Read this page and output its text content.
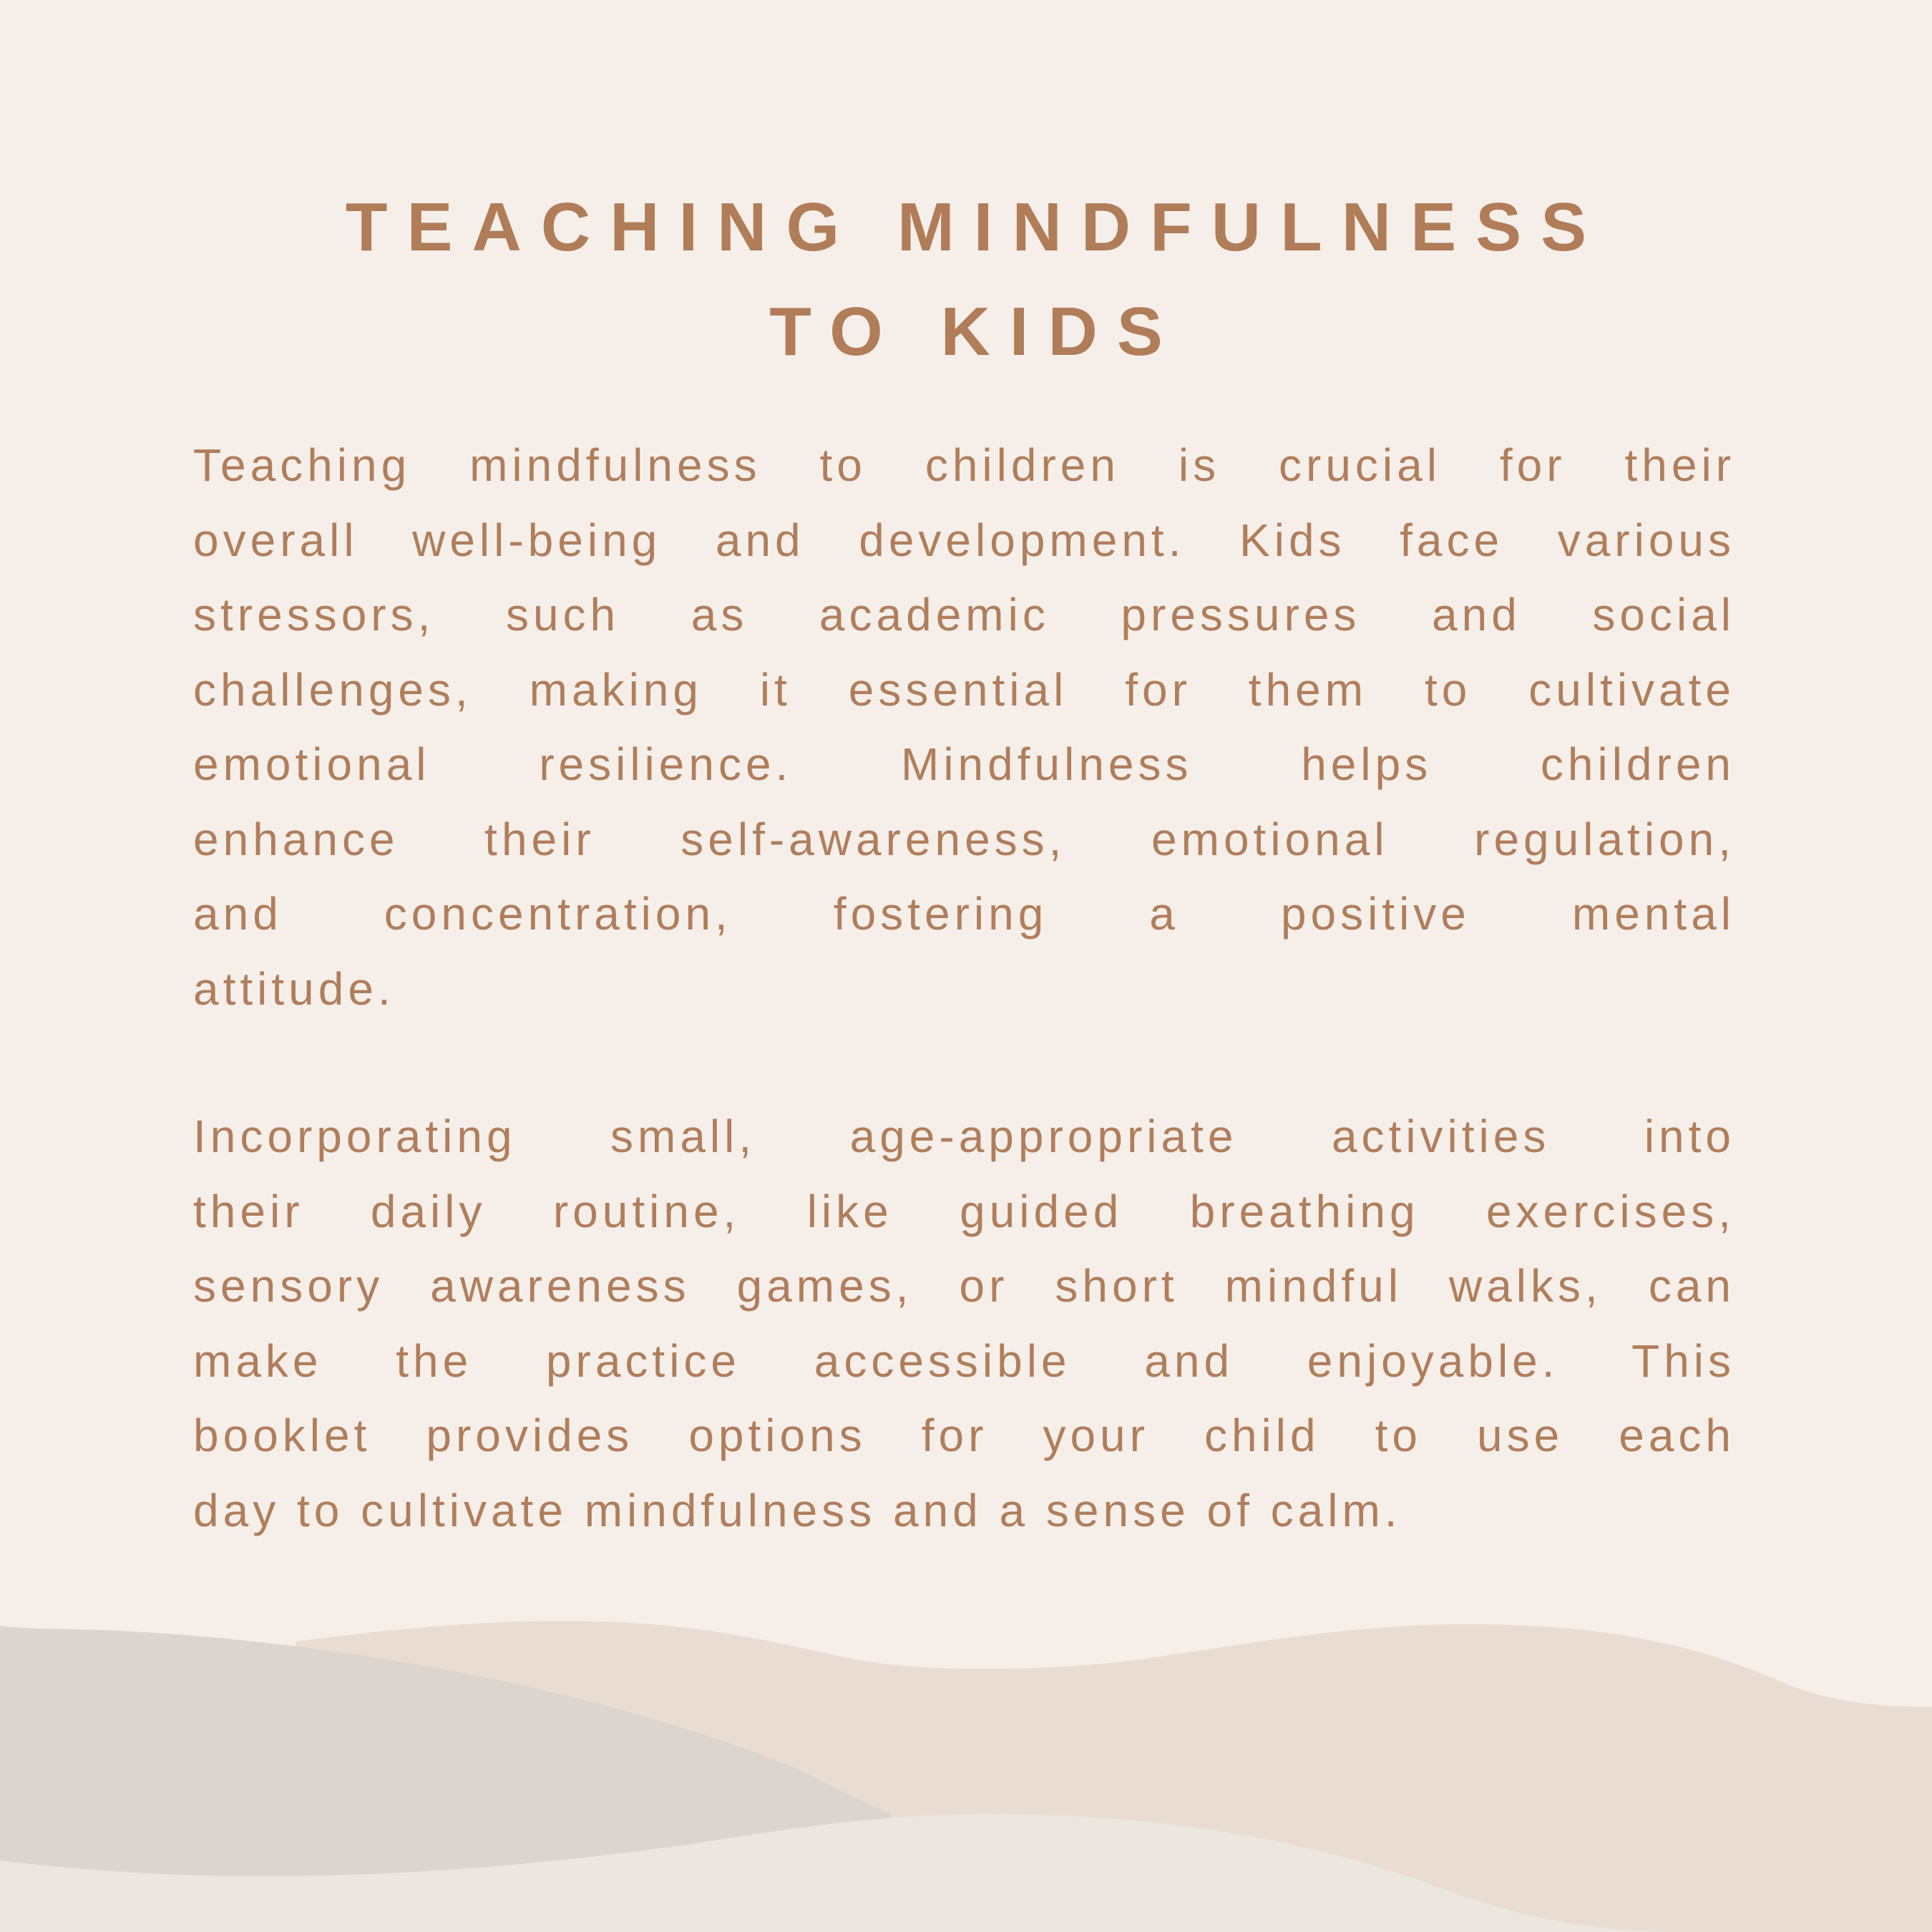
TEACHING MINDFULNESS
TO KIDS
Teaching mindfulness to children is crucial for their
overall well-being and development. Kids face various
stressors, such as academic pressures and social
challenges, making it essential for them to cultivate
emotional resilience. Mindfulness helps children
enhance their self-awareness, emotional regulation,
and concentration, fostering a positive mental
attitude.
Incorporating small, age-appropriate activities into
their daily routine, like guided breathing exercises,
sensory awareness games, or short mindful walks, can
make the practice accessible and enjoyable. This
booklet provides options for your child to use each
day to cultivate mindfulness and a sense of calm.
